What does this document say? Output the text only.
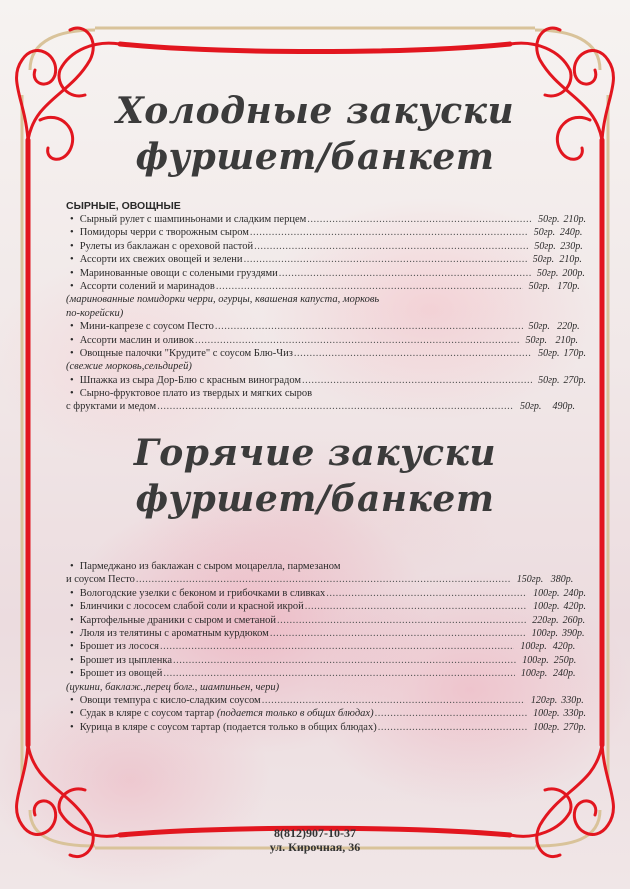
Холодные закуски
фуршет/банкет
СЫРНЫЕ, ОВОЩНЫЕ
• Сырный рулет с шампиньонами и сладким перцем .....	50гр. 210р.
• Помидоры черри с творожным сыром .....	50гр. 240р.
• Рулеты из баклажан с ореховой пастой .....	50гр. 230р.
• Ассорти их свежих овощей и зелени .....	50гр. 210р.
• Маринованные овощи с солеными груздями .....	50гр. 200р.
• Ассорти солений и маринадов .....	50гр. 170р.
(маринованные помидорки черри, огурцы, квашеная капуста, морковь
по-корейски)
• Мини-капрезе с соусом Песто .....	50гр. 220р.
• Ассорти маслин и оливок .....	50гр. 210р.
• Овощные палочки "Крудите" с соусом Блю-Чиз .....	50гр. 170р.
(свежие морковь,сельдирей)
• Шпажка из сыра Дор-Блю с красным виноградом .....	50гр. 270р.
• Сырно-фруктовое плато из твердых и мягких сыров
с фруктами и медом .....	50гр.	490р.
Горячие закуски
фуршет/банкет
• Пармеджано из баклажан с сыром моцарелла, пармезаном
и соусом Песто .....	150гр. 380р.
• Вологодские узелки с беконом и грибочками в сливках .....	100гр. 240р.
• Блинчики с лососем слабой соли и красной икрой .....	100гр. 420р.
• Картофельные драники с сыром и сметаной .....	220гр. 260р.
• Люля из телятины с ароматным курдюком .....	100гр. 390р.
• Брошет из лосося .....	100гр. 420р.
• Брошет из цыпленка .....	100гр. 250р.
• Брошет из овощей .....	100гр. 240р.
(цукини, баклаж.,перец болг., шампиньен, чери)
• Овощи темпура с кисло-сладким соусом .....	120гр. 330р.
• Судак в кляре с соусом тартар (подается только в общих блюдах) .....	100гр. 330р.
• Курица в кляре с соусом тартар (подается только в общих блюдах) .....	100гр. 270р.
8(812)907-10-37
ул. Кирочная, 36
